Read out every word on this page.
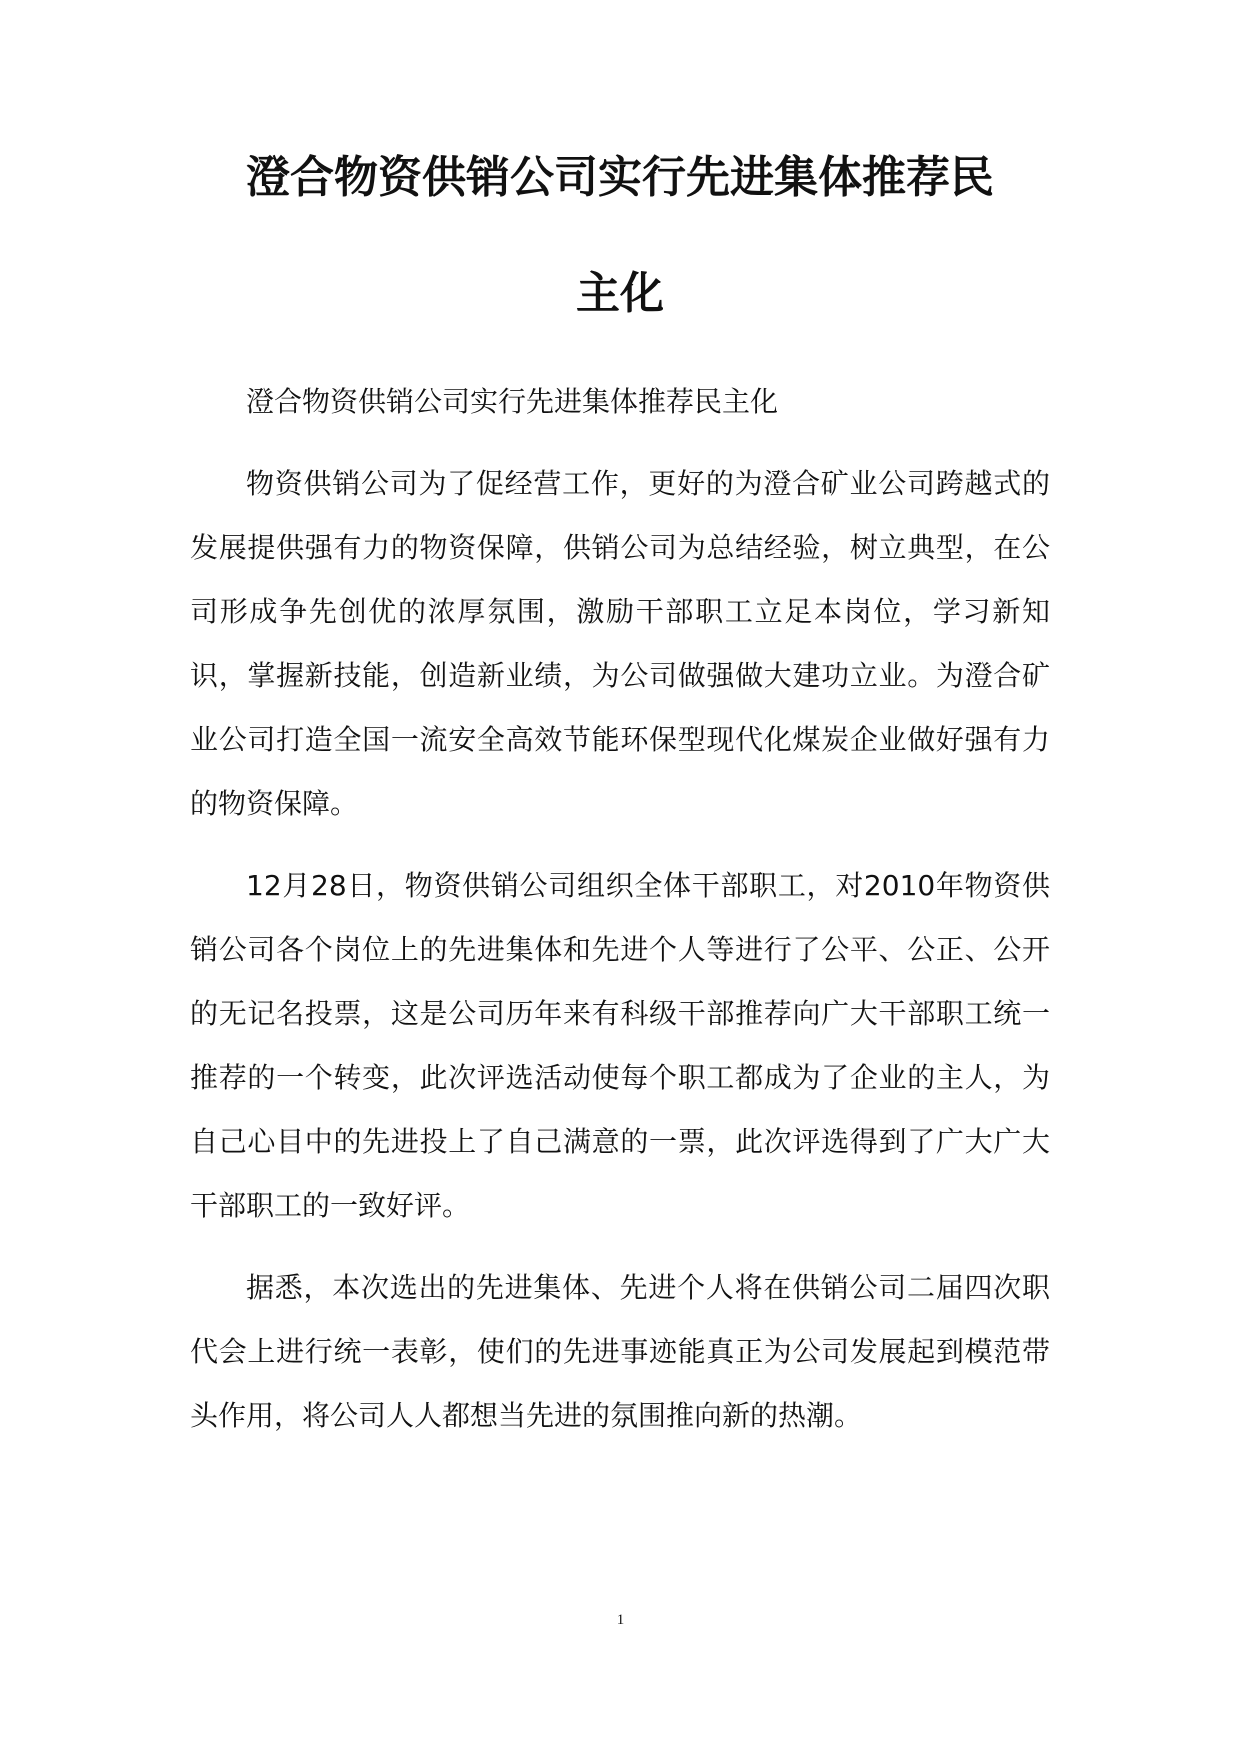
澄合物资供销公司实行先进集体推荐民
主化

澄合物资供销公司实行先进集体推荐民主化

物资供销公司为了促经营工作，更好的为澄合矿业公司跨越式的发展提供强有力的物资保障，供销公司为总结经验，树立典型，在公司形成争先创优的浓厚氛围，激励干部职工立足本岗位，学习新知识，掌握新技能，创造新业绩，为公司做强做大建功立业。为澄合矿业公司打造全国一流安全高效节能环保型现代化煤炭企业做好强有力的物资保障。

12月28日，物资供销公司组织全体干部职工，对2010年物资供销公司各个岗位上的先进集体和先进个人等进行了公平、公正、公开的无记名投票，这是公司历年来有科级干部推荐向广大干部职工统一推荐的一个转变，此次评选活动使每个职工都成为了企业的主人，为自己心目中的先进投上了自己满意的一票，此次评选得到了广大广大干部职工的一致好评。

据悉，本次选出的先进集体、先进个人将在供销公司二届四次职代会上进行统一表彰，使们的先进事迹能真正为公司发展起到模范带头作用，将公司人人都想当先进的氛围推向新的热潮。

1
